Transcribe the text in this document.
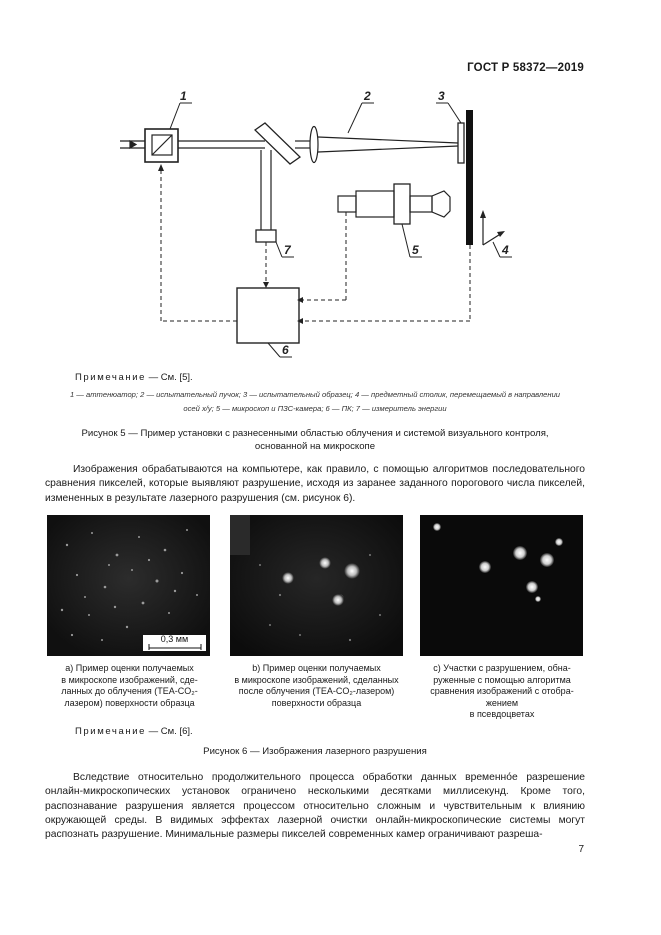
ГОСТ Р 58372—2019
1	2	3
4
5
6
7
Примечание — См. [5].
1 — аттенюатор; 2 — испытательный пучок; 3 — испытательный образец; 4 — предметный столик, перемещаемый в направлении
осей x/y; 5 — микроскоп и ПЗС-камера; 6 — ПК; 7 — измеритель энергии
Рисунок 5 — Пример установки с разнесенными областью облучения и системой визуального контроля,
основанной на микроскопе

Изображения обрабатываются на компьютере, как правило, с помощью алгоритмов последовательного сравнения пикселей, которые выявляют разрушение, исходя из заранее заданного порогового числа пикселей, измененных в результате лазерного разрушения (см. рисунок 6).

0,3 мм
a) Пример оценки получаемых
в микроскопе изображений, сде-
ланных до облучения (ТЕА-CO₂-
лазером) поверхности образца
b) Пример оценки получаемых
в микроскопе изображений, сделанных
после облучения (ТЕА-CO₂-лазером)
поверхности образца
c) Участки с разрушением, обна-
руженные с помощью алгоритма
сравнения изображений с отобра-
жением
в псевдоцветах
Примечание — См. [6].
Рисунок 6 — Изображения лазерного разрушения

Вследствие относительно продолжительного процесса обработки данных временно́е разрешение онлайн-микроскопических установок ограничено несколькими десятками миллисекунд. Кроме того, распознавание разрушения является процессом относительно сложным и чувствительным к влиянию окружающей среды. В видимых эффектах лазерной очистки онлайн-микроскопические системы могут распознать разрушение. Минимальные размеры пикселей современных камер ограничивают разреша-

7
